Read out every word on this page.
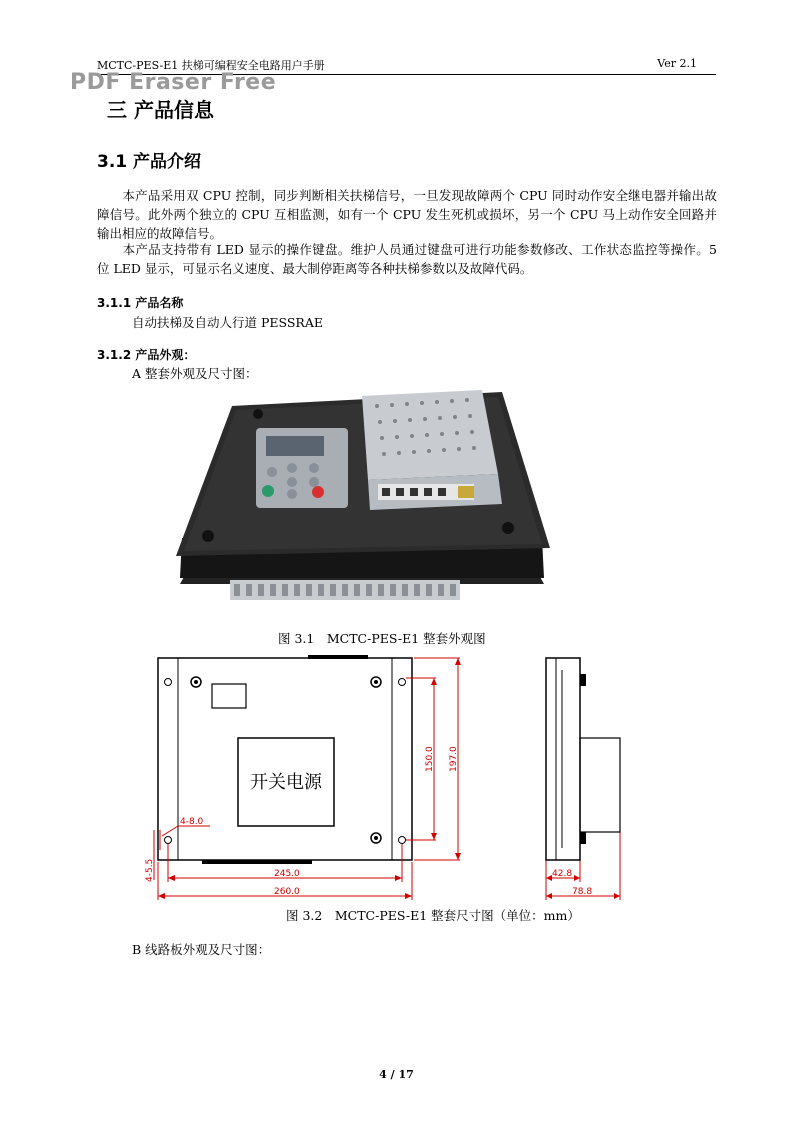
MCTC-PES-E1 扶梯可编程安全电路用户手册	Ver 2.1
PDF Eraser Free
三 产品信息
3.1 产品介绍
　　本产品采用双 CPU 控制，同步判断相关扶梯信号，一旦发现故障两个 CPU 同时动作安全继电器并输出故障信号。此外两个独立的 CPU 互相监测，如有一个 CPU 发生死机或损坏，另一个 CPU 马上动作安全回路并输出相应的故障信号。
　　本产品支持带有 LED 显示的操作键盘。维护人员通过键盘可进行功能参数修改、工作状态监控等操作。5 位 LED 显示，可显示名义速度、最大制停距离等各种扶梯参数以及故障代码。
3.1.1 产品名称
自动扶梯及自动人行道 PESSRAE
3.1.2 产品外观：
A 整套外观及尺寸图：
图 3.1　MCTC-PES-E1 整套外观图
开关电源
150.0 197.0
245.0
260.0
4-8.0
4-5.5	42.8
78.8
图 3.2　MCTC-PES-E1 整套尺寸图（单位：mm）
B 线路板外观及尺寸图：
4 / 17
